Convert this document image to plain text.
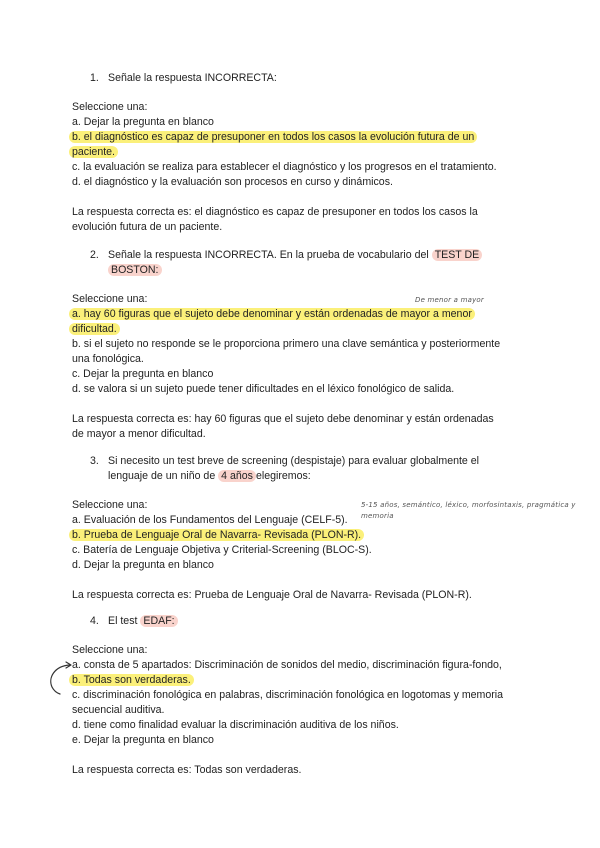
1. Señale la respuesta INCORRECTA:
Seleccione una:
a. Dejar la pregunta en blanco
b. el diagnóstico es capaz de presuponer en todos los casos la evolución futura de un
paciente.
c. la evaluación se realiza para establecer el diagnóstico y los progresos en el tratamiento.
d. el diagnóstico y la evaluación son procesos en curso y dinámicos.
La respuesta correcta es: el diagnóstico es capaz de presuponer en todos los casos la
evolución futura de un paciente.
2. Señale la respuesta INCORRECTA. En la prueba de vocabulario del TEST DE
BOSTON:
Seleccione una:
a. hay 60 figuras que el sujeto debe denominar y están ordenadas de mayor a menor
dificultad.
b. si el sujeto no responde se le proporciona primero una clave semántica y posteriormente
una fonológica.
c. Dejar la pregunta en blanco
d. se valora si un sujeto puede tener dificultades en el léxico fonológico de salida.
La respuesta correcta es: hay 60 figuras que el sujeto debe denominar y están ordenadas
de mayor a menor dificultad.
De menor a mayor
3. Si necesito un test breve de screening (despistaje) para evaluar globalmente el
lenguaje de un niño de 4 años elegiremos:
Seleccione una:
a. Evaluación de los Fundamentos del Lenguaje (CELF-5).
b. Prueba de Lenguaje Oral de Navarra- Revisada (PLON-R).
c. Batería de Lenguaje Objetiva y Criterial-Screening (BLOC-S).
d. Dejar la pregunta en blanco
La respuesta correcta es: Prueba de Lenguaje Oral de Navarra- Revisada (PLON-R).
5-15 años, semántico, léxico, morfosintaxis, pragmática y
memoria
4. El test EDAF:
Seleccione una:
a. consta de 5 apartados: Discriminación de sonidos del medio, discriminación figura-fondo,
b. Todas son verdaderas.
c. discriminación fonológica en palabras, discriminación fonológica en logotomas y memoria
secuencial auditiva.
d. tiene como finalidad evaluar la discriminación auditiva de los niños.
e. Dejar la pregunta en blanco
La respuesta correcta es: Todas son verdaderas.
